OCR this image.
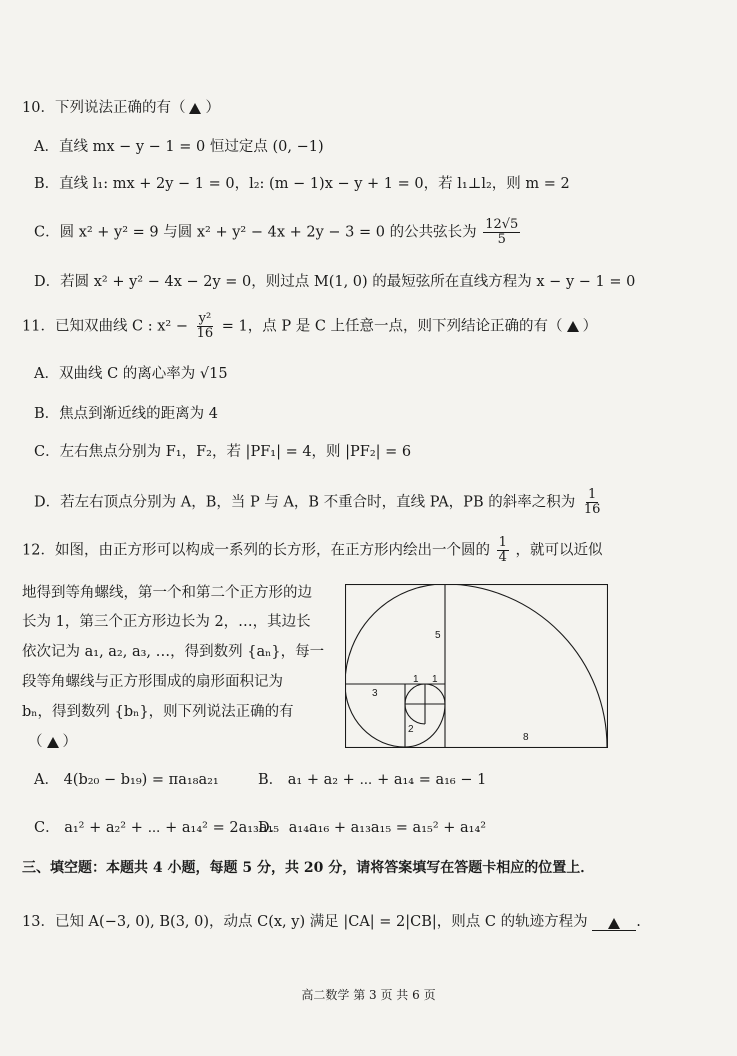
10．下列说法正确的有（ ）
A．直线 mx − y − 1 = 0 恒过定点 (0, −1)
B．直线 l₁: mx + 2y − 1 = 0，l₂: (m − 1)x − y + 1 = 0，若 l₁⊥l₂，则 m = 2
C．圆 x² + y² = 9 与圆 x² + y² − 4x + 2y − 3 = 0 的公共弦长为 $\frac{12√5}{5}$
D．若圆 x² + y² − 4x − 2y = 0，则过点 M(1, 0) 的最短弦所在直线方程为 x − y − 1 = 0
11．已知双曲线 C : $x^2 - \frac{\text{y²}}{16} = 1$，点 P 是 C 上任意一点，则下列结论正确的有（ ）
A．双曲线 C 的离心率为 √15
B．焦点到渐近线的距离为 4
C．左右焦点分别为 F₁，F₂，若 |PF₁| = 4，则 |PF₂| = 6
D．若左右顶点分别为 A，B，当 P 与 A，B 不重合时，直线 PA，PB 的斜率之积为 $\frac{1}{16}$
12．如图，由正方形可以构成一系列的长方形，在正方形内绘出一个圆的 $\frac{1}{4}$ ，就可以近似
地得到等角螺线，第一个和第二个正方形的边
长为 1，第三个正方形边长为 2，…，其边长
依次记为 a₁, a₂, a₃, …，得到数列 {aₙ}，每一
段等角螺线与正方形围成的扇形面积记为
bₙ，得到数列 {bₙ}，则下列说法正确的有
（ ）
5
3
1 1
2
8
A． 4(b₂₀ − b₁₉) = πa₁₈a₂₁	B． a₁ + a₂ + ⋯ + a₁₄ = a₁₆ − 1
C． a₁² + a₂² + ⋯ + a₁₄² = 2a₁₃a₁₅
D． a₁₄a₁₆ + a₁₃a₁₅ = a₁₅² + a₁₄²
三、填空题：本题共 4 小题，每题 5 分，共 20 分，请将答案填写在答题卡相应的位置上．
13．已知 A(−3, 0), B(3, 0)，动点 C(x, y) 满足 |CA| = 2|CB|，则点 C 的轨迹方程为	.
高二数学 第 3 页 共 6 页
